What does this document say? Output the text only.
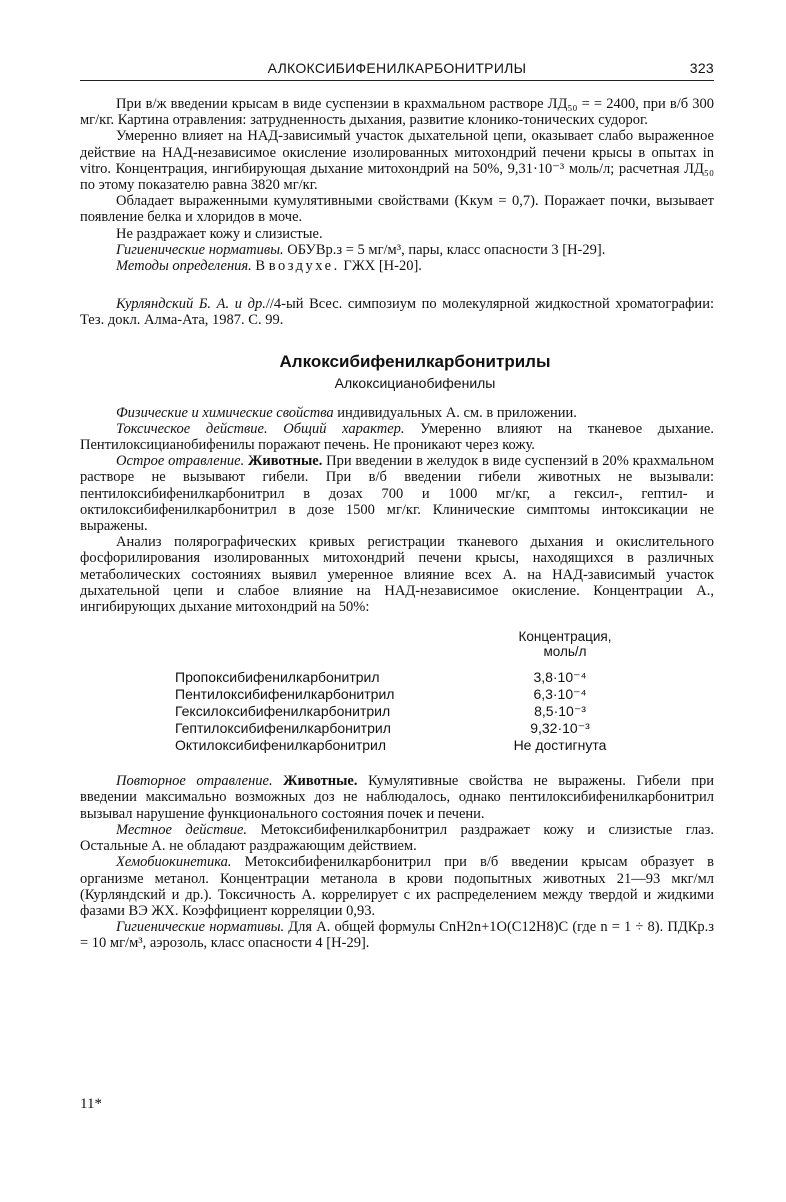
АЛКОКСИБИФЕНИЛКАРБОНИТРИЛЫ	323

При в/ж введении крысам в виде суспензии в крахмальном растворе ЛД₅₀ = = 2400, при в/б 300 мг/кг. Картина отравления: затрудненность дыхания, развитие клонико-тонических судорог.

Умеренно влияет на НАД-зависимый участок дыхательной цепи, оказывает слабо выраженное действие на НАД-независимое окисление изолированных митохондрий печени крысы в опытах in vitro. Концентрация, ингибирующая дыхание митохондрий на 50%, 9,31·10⁻³ моль/л; расчетная ЛД₅₀ по этому показателю равна 3820 мг/кг.

Обладает выраженными кумулятивными свойствами (Kкум = 0,7). Поражает почки, вызывает появление белка и хлоридов в моче.

Не раздражает кожу и слизистые.

Гигиенические нормативы. ОБУВр.з = 5 мг/м³, пары, класс опасности 3 [Н-29].

Методы определения. В воздухе. ГЖХ [Н-20].

Курляндский Б. А. и др.//4-ый Всес. симпозиум по молекулярной жидкостной хроматографии: Тез. докл. Алма-Ата, 1987. С. 99.

Алкоксибифенилкарбонитрилы

Алкоксицианобифенилы

Физические и химические свойства индивидуальных А. см. в приложении.

Токсическое действие. Общий характер. Умеренно влияют на тканевое дыхание. Пентилоксицианобифенилы поражают печень. Не проникают через кожу.

Острое отравление. Животные. При введении в желудок в виде суспензий в 20% крахмальном растворе не вызывают гибели. При в/б введении гибели животных не вызывали: пентилоксибифенилкарбонитрил в дозах 700 и 1000 мг/кг, а гексил-, гептил- и октилоксибифенилкарбонитрил в дозе 1500 мг/кг. Клинические симптомы интоксикации не выражены.

Анализ полярографических кривых регистрации тканевого дыхания и окислительного фосфорилирования изолированных митохондрий печени крысы, находящихся в различных метаболических состояниях выявил умеренное влияние всех А. на НАД-зависимый участок дыхательной цепи и слабое влияние на НАД-независимое окисление. Концентрации А., ингибирующих дыхание митохондрий на 50%:

Концентрация,
моль/л
Пропоксибифенилкарбонитрил	3,8·10⁻⁴
Пентилоксибифенилкарбонитрил	6,3·10⁻⁴
Гексилоксибифенилкарбонитрил	8,5·10⁻³
Гептилоксибифенилкарбонитрил	9,32·10⁻³
Октилоксибифенилкарбонитрил	Не достигнута

Повторное отравление. Животные. Кумулятивные свойства не выражены. Гибели при введении максимально возможных доз не наблюдалось, однако пентилоксибифенилкарбонитрил вызывал нарушение функционального состояния почек и печени.

Местное действие. Метоксибифенилкарбонитрил раздражает кожу и слизистые глаз. Остальные А. не обладают раздражающим действием.

Хемобиокинетика. Метоксибифенилкарбонитрил при в/б введении крысам образует в организме метанол. Концентрации метанола в крови подопытных животных 21—93 мкг/мл (Курляндский и др.). Токсичность А. коррелирует с их распределением между твердой и жидкими фазами ВЭ ЖХ. Коэффициент корреляции 0,93.

Гигиенические нормативы. Для А. общей формулы CnH2n+1O(C12H8)C (где n = 1 ÷ 8). ПДКр.з = 10 мг/м³, аэрозоль, класс опасности 4 [Н-29].

11*
